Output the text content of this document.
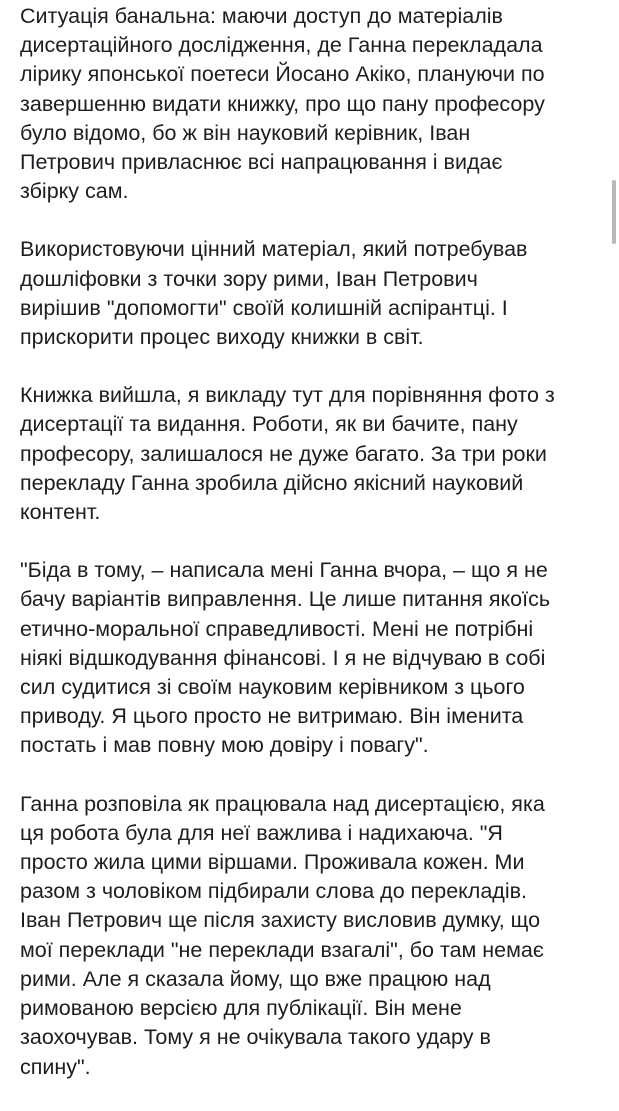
Ситуація банальна: маючи доступ до матеріалів
дисертаційного дослідження, де Ганна перекладала
лірику японської поетеси Йосано Акіко, плануючи по
завершенню видати книжку, про що пану професору
було відомо, бо ж він науковий керівник, Іван
Петрович привласнює всі напрацювання і видає
збірку сам.
Використовуючи цінний матеріал, який потребував
дошліфовки з точки зору рими, Іван Петрович
вирішив "допомогти" своїй колишній аспірантці. І
прискорити процес виходу книжки в світ.
Книжка вийшла, я викладу тут для порівняння фото з
дисертації та видання. Роботи, як ви бачите, пану
професору, залишалося не дуже багато. За три роки
перекладу Ганна зробила дійсно якісний науковий
контент.
"Біда в тому, – написала мені Ганна вчора, – що я не
бачу варіантів виправлення. Це лише питання якоїсь
етично-моральної справедливості. Мені не потрібні
ніякі відшкодування фінансові. І я не відчуваю в собі
сил судитися зі своїм науковим керівником з цього
приводу. Я цього просто не витримаю. Він іменита
постать і мав повну мою довіру і повагу".
Ганна розповіла як працювала над дисертацією, яка
ця робота була для неї важлива і надихаюча. "Я
просто жила цими віршами. Проживала кожен. Ми
разом з чоловіком підбирали слова до перекладів.
Іван Петрович ще після захисту висловив думку, що
мої переклади "не переклади взагалі", бо там немає
рими. Але я сказала йому, що вже працюю над
римованою версією для публікації. Він мене
заохочував. Тому я не очікувала такого удару в
спину".
